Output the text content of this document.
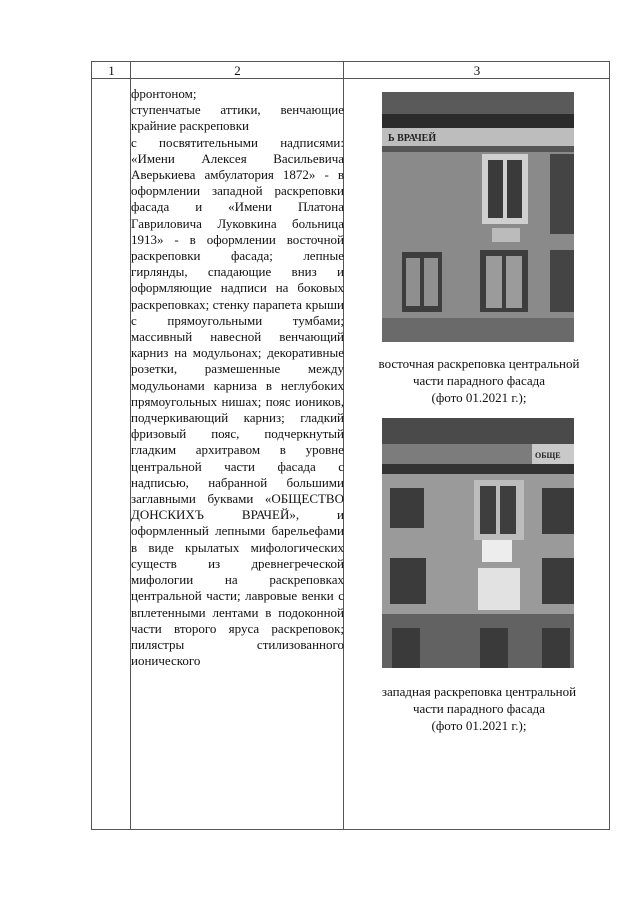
1	2	3

фронтоном;

ступенчатые аттики, венчающие крайние раскреповки

с посвятительными надписями: «Имени Алексея Васильевича Аверькиева амбулатория 1872» - в оформлении западной раскреповки фасада и «Имени Платона Гавриловича Луковкина больница 1913» - в оформлении восточной раскреповки фасада; лепные гирлянды, спадающие вниз и оформляющие надписи на боковых раскреповках; стенку парапета крыши с прямоугольными тумбами; массивный навесной венчающий карниз на модульонах; декоративные розетки, размешенные между модульонами карниза в неглубоких прямоугольных нишах; пояс иоников, подчеркивающий карниз; гладкий фризовый пояс, подчеркнутый гладким архитравом в уровне центральной части фасада с надписью, набранной большими заглавными буквами «ОБЩЕСТВО ДОНСКИХЪ ВРАЧЕЙ», и оформленный лепными барельефами в виде крылатых мифологических существ из древнегреческой мифологии на раскреповках центральной части; лавровые венки с вплетенными лентами в подоконной части второго яруса раскреповок; пилястры стилизованного ионического

Ь ВРАЧЕЙ
восточная раскреповка центральной
части парадного фасада
(фото 01.2021 г.);
ОБЩЕ
западная раскреповка центральной
части парадного фасада
(фото 01.2021 г.);
